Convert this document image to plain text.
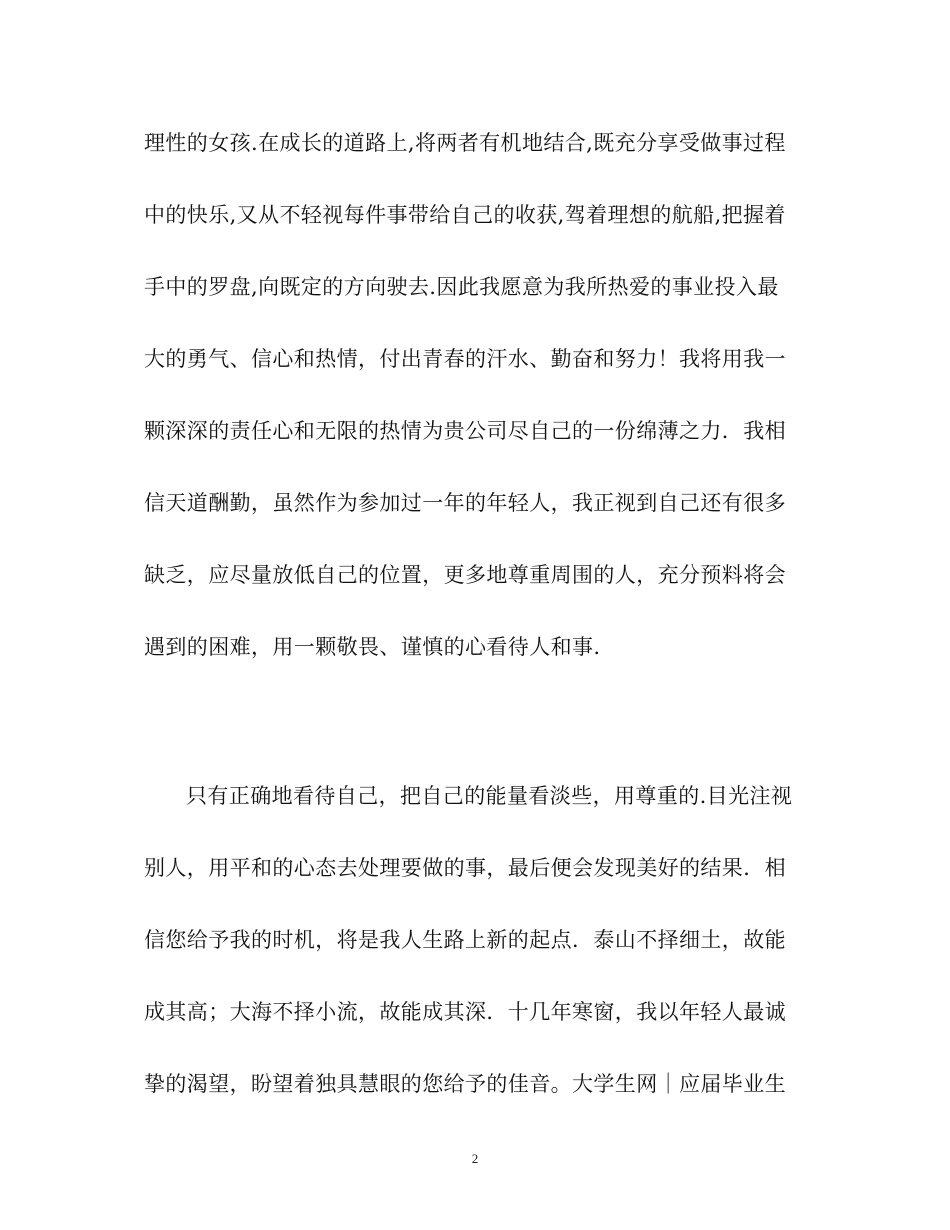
理性的女孩.在成长的道路上,将两者有机地结合,既充分享受做事过程
中的快乐,又从不轻视每件事带给自己的收获,驾着理想的航船,把握着
手中的罗盘,向既定的方向驶去.因此我愿意为我所热爱的事业投入最
大的勇气、信心和热情，付出青春的汗水、勤奋和努力！我将用我一
颗深深的责任心和无限的热情为贵公司尽自己的一份绵薄之力．我相
信天道酬勤，虽然作为参加过一年的年轻人，我正视到自己还有很多
缺乏，应尽量放低自己的位置，更多地尊重周围的人，充分预料将会
遇到的困难，用一颗敬畏、谨慎的心看待人和事.
只有正确地看待自己，把自己的能量看淡些，用尊重的.目光注视
别人，用平和的心态去处理要做的事，最后便会发现美好的结果．相
信您给予我的时机，将是我人生路上新的起点．泰山不择细土，故能
成其高；大海不择小流，故能成其深．十几年寒窗，我以年轻人最诚
挚的渴望，盼望着独具慧眼的您给予的佳音。大学生网｜应届毕业生
2
